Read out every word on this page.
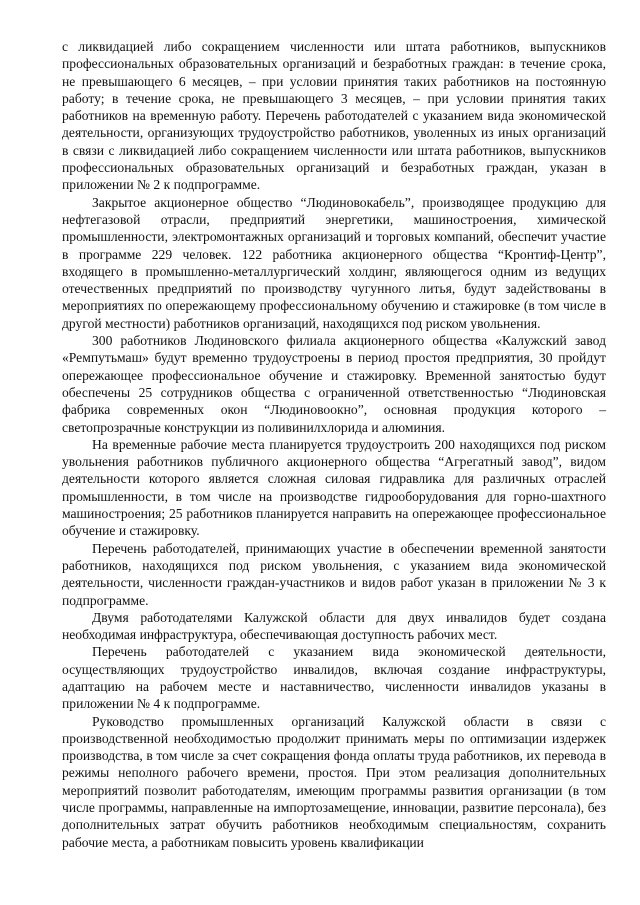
с ликвидацией либо сокращением численности или штата работников, выпускников профессиональных образовательных организаций и безработных граждан: в течение срока, не превышающего 6 месяцев, – при условии принятия таких работников на постоянную работу; в течение срока, не превышающего 3 месяцев, – при условии принятия таких работников на временную работу. Перечень работодателей с указанием вида экономической деятельности, организующих трудоустройство работников, уволенных из иных организаций в связи с ликвидацией либо сокращением численности или штата работников, выпускников профессиональных образовательных организаций и безработных граждан, указан в приложении № 2 к подпрограмме.

Закрытое акционерное общество “Людиновокабель”, производящее продукцию для нефтегазовой отрасли, предприятий энергетики, машиностроения, химической промышленности, электромонтажных организаций и торговых компаний, обеспечит участие в программе 229 человек. 122 работника акционерного общества “Кронтиф-Центр”, входящего в промышленно-металлургический холдинг, являющегося одним из ведущих отечественных предприятий по производству чугунного литья, будут задействованы в мероприятиях по опережающему профессиональному обучению и стажировке (в том числе в другой местности) работников организаций, находящихся под риском увольнения.

300 работников Людиновского филиала акционерного общества «Калужский завод «Ремпутьмаш» будут временно трудоустроены в период простоя предприятия, 30 пройдут опережающее профессиональное обучение и стажировку. Временной занятостью будут обеспечены 25 сотрудников общества с ограниченной ответственностью “Людиновская фабрика современных окон “Людиновоокно”, основная продукция которого – светопрозрачные конструкции из поливинилхлорида и алюминия.

На временные рабочие места планируется трудоустроить 200 находящихся под риском увольнения работников публичного акционерного общества “Агрегатный завод”, видом деятельности которого является сложная силовая гидравлика для различных отраслей промышленности, в том числе на производстве гидрооборудования для горно-шахтного машиностроения; 25 работников планируется направить на опережающее профессиональное обучение и стажировку.

Перечень работодателей, принимающих участие в обеспечении временной занятости работников, находящихся под риском увольнения, с указанием вида экономической деятельности, численности граждан-участников и видов работ указан в приложении № 3 к подпрограмме.

Двумя работодателями Калужской области для двух инвалидов будет создана необходимая инфраструктура, обеспечивающая доступность рабочих мест.

Перечень работодателей с указанием вида экономической деятельности, осуществляющих трудоустройство инвалидов, включая создание инфраструктуры, адаптацию на рабочем месте и наставничество, численности инвалидов указаны в приложении № 4 к подпрограмме.

Руководство промышленных организаций Калужской области в связи с производственной необходимостью продолжит принимать меры по оптимизации издержек производства, в том числе за счет сокращения фонда оплаты труда работников, их перевода в режимы неполного рабочего времени, простоя. При этом реализация дополнительных мероприятий позволит работодателям, имеющим программы развития организации (в том числе программы, направленные на импортозамещение, инновации, развитие персонала), без дополнительных затрат обучить работников необходимым специальностям, сохранить рабочие места, а работникам повысить уровень квалификации
